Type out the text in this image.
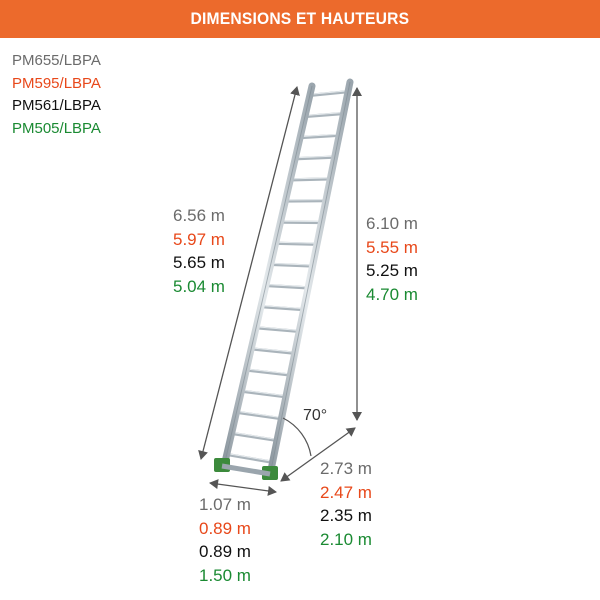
DIMENSIONS ET HAUTEURS
PM655/LBPA
PM595/LBPA
PM561/LBPA
PM505/LBPA
70°
6.56 m
5.97 m
5.65 m
5.04 m
6.10 m
5.55 m
5.25 m
4.70 m
2.73 m
2.47 m
2.35 m
2.10 m
1.07 m
0.89 m
0.89 m
1.50 m
